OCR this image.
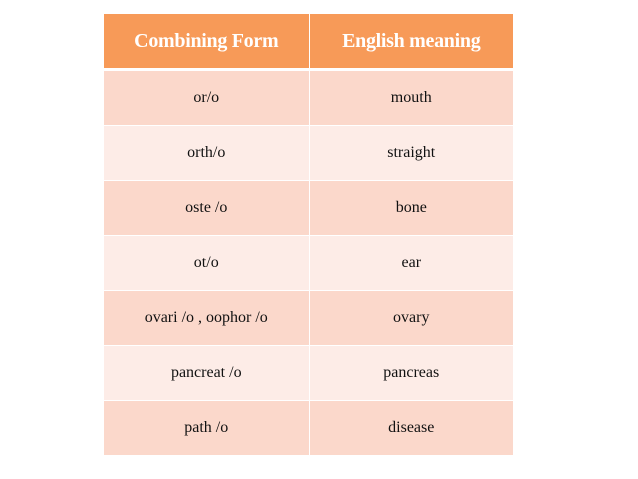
Combining Form	English meaning
or/o	mouth
orth/o	straight
oste /o	bone
ot/o	ear
ovari /o , oophor /o	ovary
pancreat /o	pancreas
path /o	disease
